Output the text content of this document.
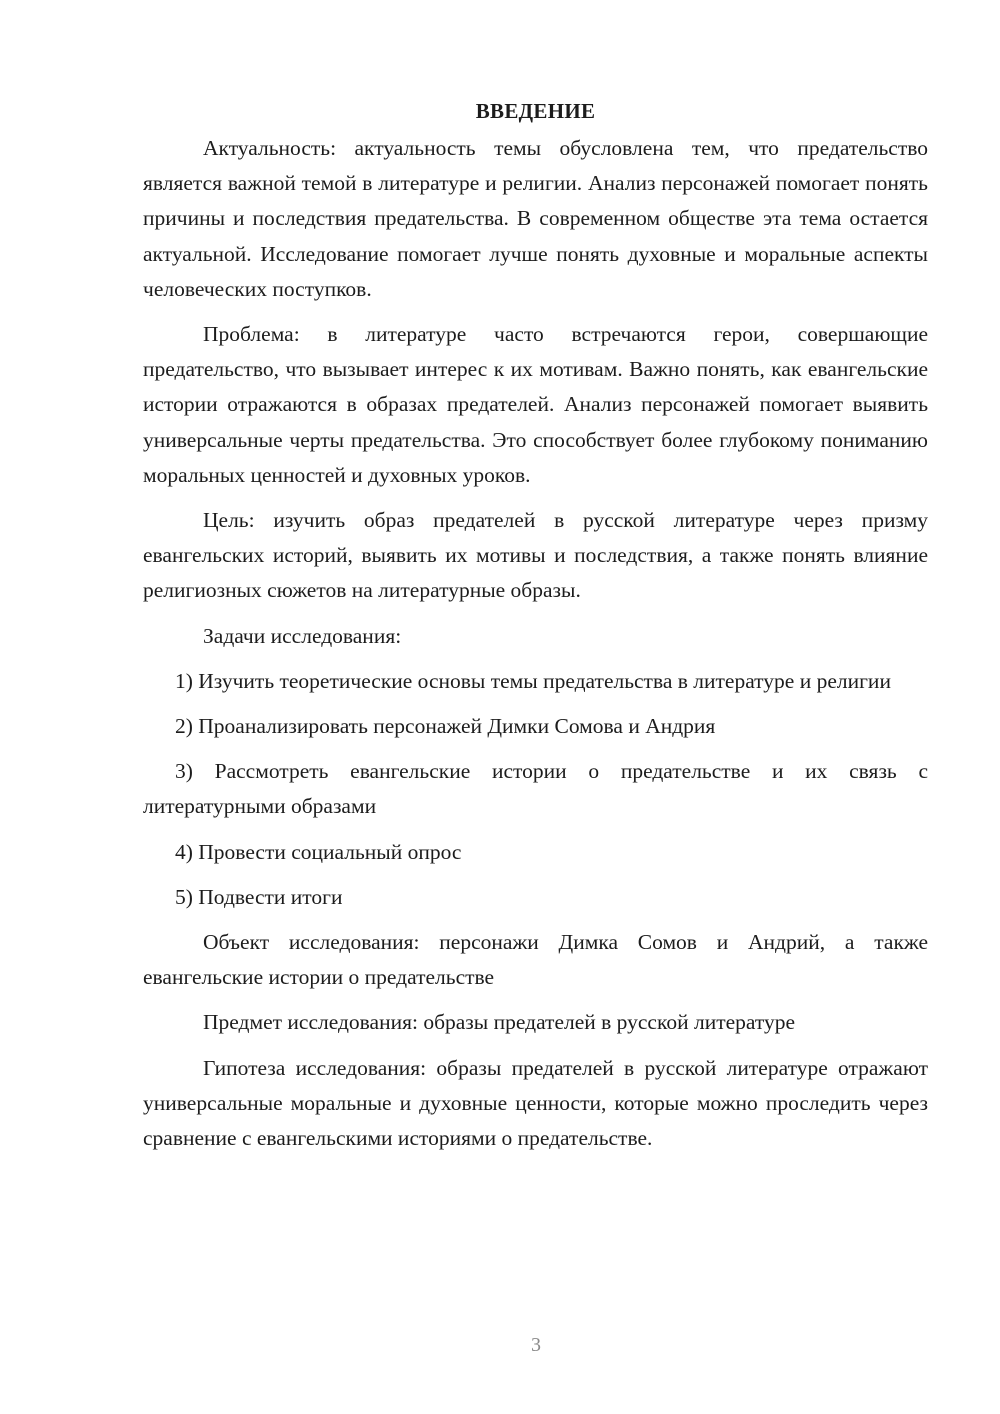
ВВЕДЕНИЕ

Актуальность: актуальность темы обусловлена тем, что предательство является важной темой в литературе и религии. Анализ персонажей помогает понять причины и последствия предательства. В современном обществе эта тема остается актуальной. Исследование помогает лучше понять духовные и моральные аспекты человеческих поступков.

Проблема: в литературе часто встречаются герои, совершающие предательство, что вызывает интерес к их мотивам. Важно понять, как евангельские истории отражаются в образах предателей. Анализ персонажей помогает выявить универсальные черты предательства. Это способствует более глубокому пониманию моральных ценностей и духовных уроков.

Цель: изучить образ предателей в русской литературе через призму евангельских историй, выявить их мотивы и последствия, а также понять влияние религиозных сюжетов на литературные образы.

Задачи исследования:

1) Изучить теоретические основы темы предательства в литературе и религии

2) Проанализировать персонажей Димки Сомова и Андрия

3) Рассмотреть евангельские истории о предательстве и их связь с литературными образами

4) Провести социальный опрос

5) Подвести итоги

Объект исследования: персонажи Димка Сомов и Андрий, а также евангельские истории о предательстве

Предмет исследования: образы предателей в русской литературе

Гипотеза исследования: образы предателей в русской литературе отражают универсальные моральные и духовные ценности, которые можно проследить через сравнение с евангельскими историями о предательстве.

3
